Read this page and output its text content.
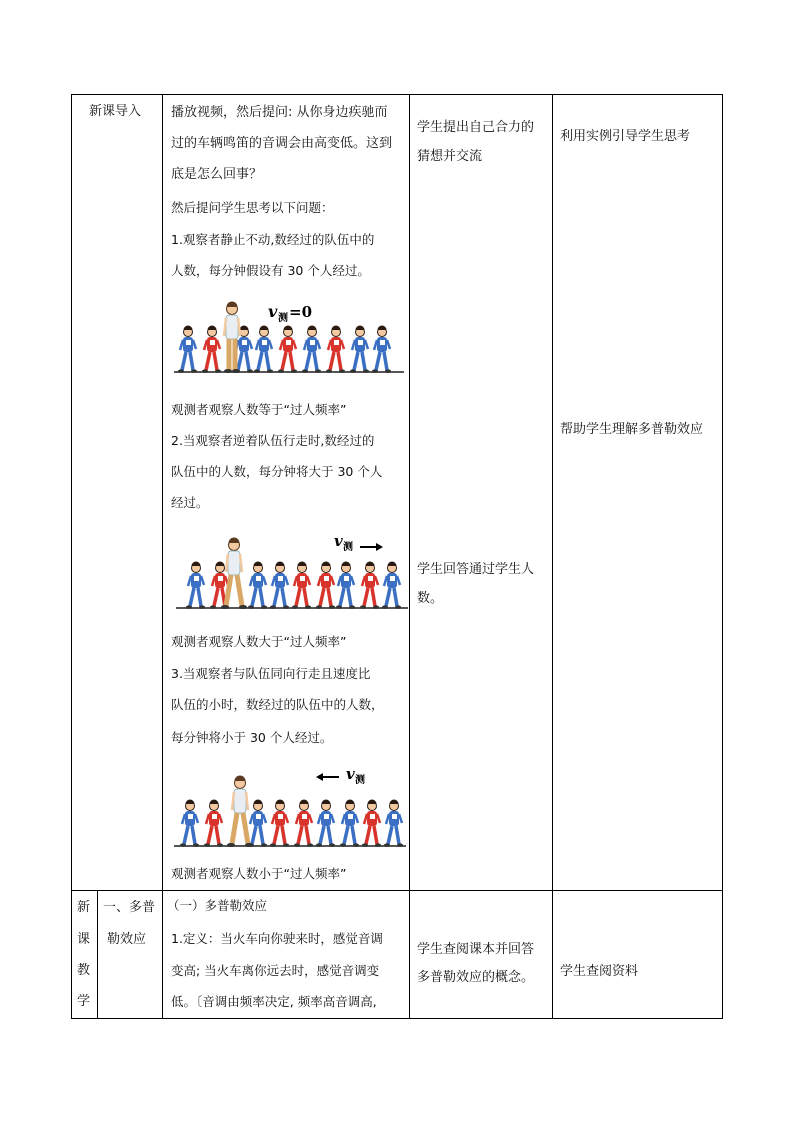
新课导入 播放视频，然后提问: 从你身边疾驰而
过的车辆鸣笛的音调会由高变低。这到
底是怎么回事？
然后提问学生思考以下问题：
1.观察者静止不动,数经过的队伍中的
人数，每分钟假设有 30 个人经过。
v 测 =0
观测者观察人数等于“过人频率”
2.当观察者逆着队伍行走时,数经过的
队伍中的人数，每分钟将大于 30 个人
经过。
v 测
观测者观察人数大于“过人频率”
3.当观察者与队伍同向行走且速度比
队伍的小时，数经过的队伍中的人数，
每分钟将小于 30 个人经过。
v 测
观测者观察人数小于“过人频率”
学生提出自己合力的
猜想并交流
学生回答通过学生人
数。
利用实例引导学生思考
帮助学生理解多普勒效应
新
课
教
学
一、多普
勒效应
（一）多普勒效应
1.定义：当火车向你驶来时，感觉音调
变高; 当火车离你远去时，感觉音调变
低。〔音调由频率决定, 频率高音调高,
学生查阅课本并回答
多普勒效应的概念。 学生查阅资料
